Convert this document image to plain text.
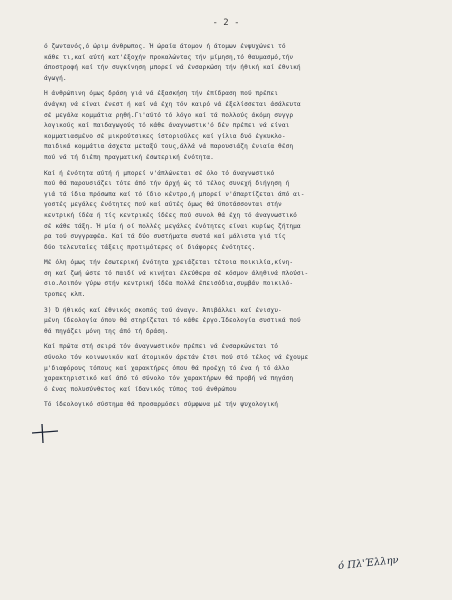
- 2 -
ό ζωντανός,ό ώριμ άνθρωπος. Ή ώραία άτομον ή άτομων ένψυχώνει τό
κάθε τι,καί αύτή κατ'έξοχήν προκαλώντας τήν μίμηση,τό θαυμασμό,τήν
άποστροφή καί τήν συγκίνηση μπορεί νά ένσαρκώση τήν ήθική καί έθνική
άγωγή.
Ή άνθρώπινη όμως δράση γιά νά έξασκήση τήν έπίδραση πού πρέπει
άνάγκη νά είναι ένεστ ή καί νά έχη τόν καιρό νά έξελίσσεται άσάλευτα
σέ μεγάλα κομμάτια ρηθή.Γι'αύτό τό λόγο καί τά πολλούς άκόμη συγγρ
λογικούς καί παιδαγωγούς τό κάθε άναγνωστικ'ό δέν πρέπει νά είναι
κομματιασμένο σέ μικρούτσικες ίστοριούλες καί γίλια δυό έγκυκλο-
παιδικά κομμάτια άσχετα μεταξύ τους,άλλά νά παρουσιάζη ένιαία θέση
πού νά τή διέπη πραγματική έσωτερική ένότητα.
Καί ή ένότητα αύτή ή μπορεί ν'άπλώνεται σέ όλο τό άναγνωστικό
πού θά παρουσιάζει τότε άπό τήν άρχή ώς τό τέλος συνεχή διήγηση ή
γιά τά ίδια πρόσωπα καί τό ίδιο κέντρο,ή μπορεί ν'άπαρτίζεται άπό αι-
γοστές μεγάλες ένότητες πού καί αύτές όμως θά ύποτάσσονται στήν
κεντρική ίδέα ή τίς κεντρικές ίδέες πού συνολ θά έχη τό άναγνωστικό
σέ κάθε τάξη. Ή μία ή οί πολλές μεγάλες ένότητες είναι κυρίως ζήτημα
ρα τού συγγραφέα. Καί τά δύο συστήματα συστά καί μάλιστα γιά τίς
δύο τελευταίες τάξεις προτιμότερες οί διάφορες ένότητες.
Μέ όλη όμως τήν έσωτερική ένότητα χρειάζεται τέτοια ποικιλία,κίνη-
ση καί ζωή ώστε τό παιδί νά κινήται έλεύθερα σέ κόσμον άληθινά πλούσι-
σιο.Λοιπόν γύρω στήν κεντρική ίδέα πολλά έπεισόδια,συμβάν ποικιλό-
τροπες κλπ.
3) Ό ήθικός καί έθνικός σκοπός τού άναγν. Άπιβάλλει καί ένισχυ-
μένη ίδεολογία όπου θά στηρίζεται τό κάθε έργο.Ίδεολογία συστικά πού
θά πηγάζει μόνη της άπό τή δράση.
Καί πρώτα στή σειρά τόν άναγνωστικόν πρέπει νά ένσαρκώνεται τό
σύνολο τόν κοινωνικόν καί άτομικόν άρετάν έτσι πού στό τέλος νά έχουμε
μ'διαφόρους τόπους καί χαρακτήρες όπου θά προέχη τό ένα ή τό άλλο
χαρακτηριστικό καί άπό τό σύνολο τόν χαρακτήρων θά προβή νά πηγάση
ό ένας πολυσύνθετος καί ίδανικός τύπος τού άνθρώπου
Τό ίδεολογικό σύστημα θά προσαρμόσει σύμφωνα μέ τήν ψυχολογική
ό Πλ'Έλλην
